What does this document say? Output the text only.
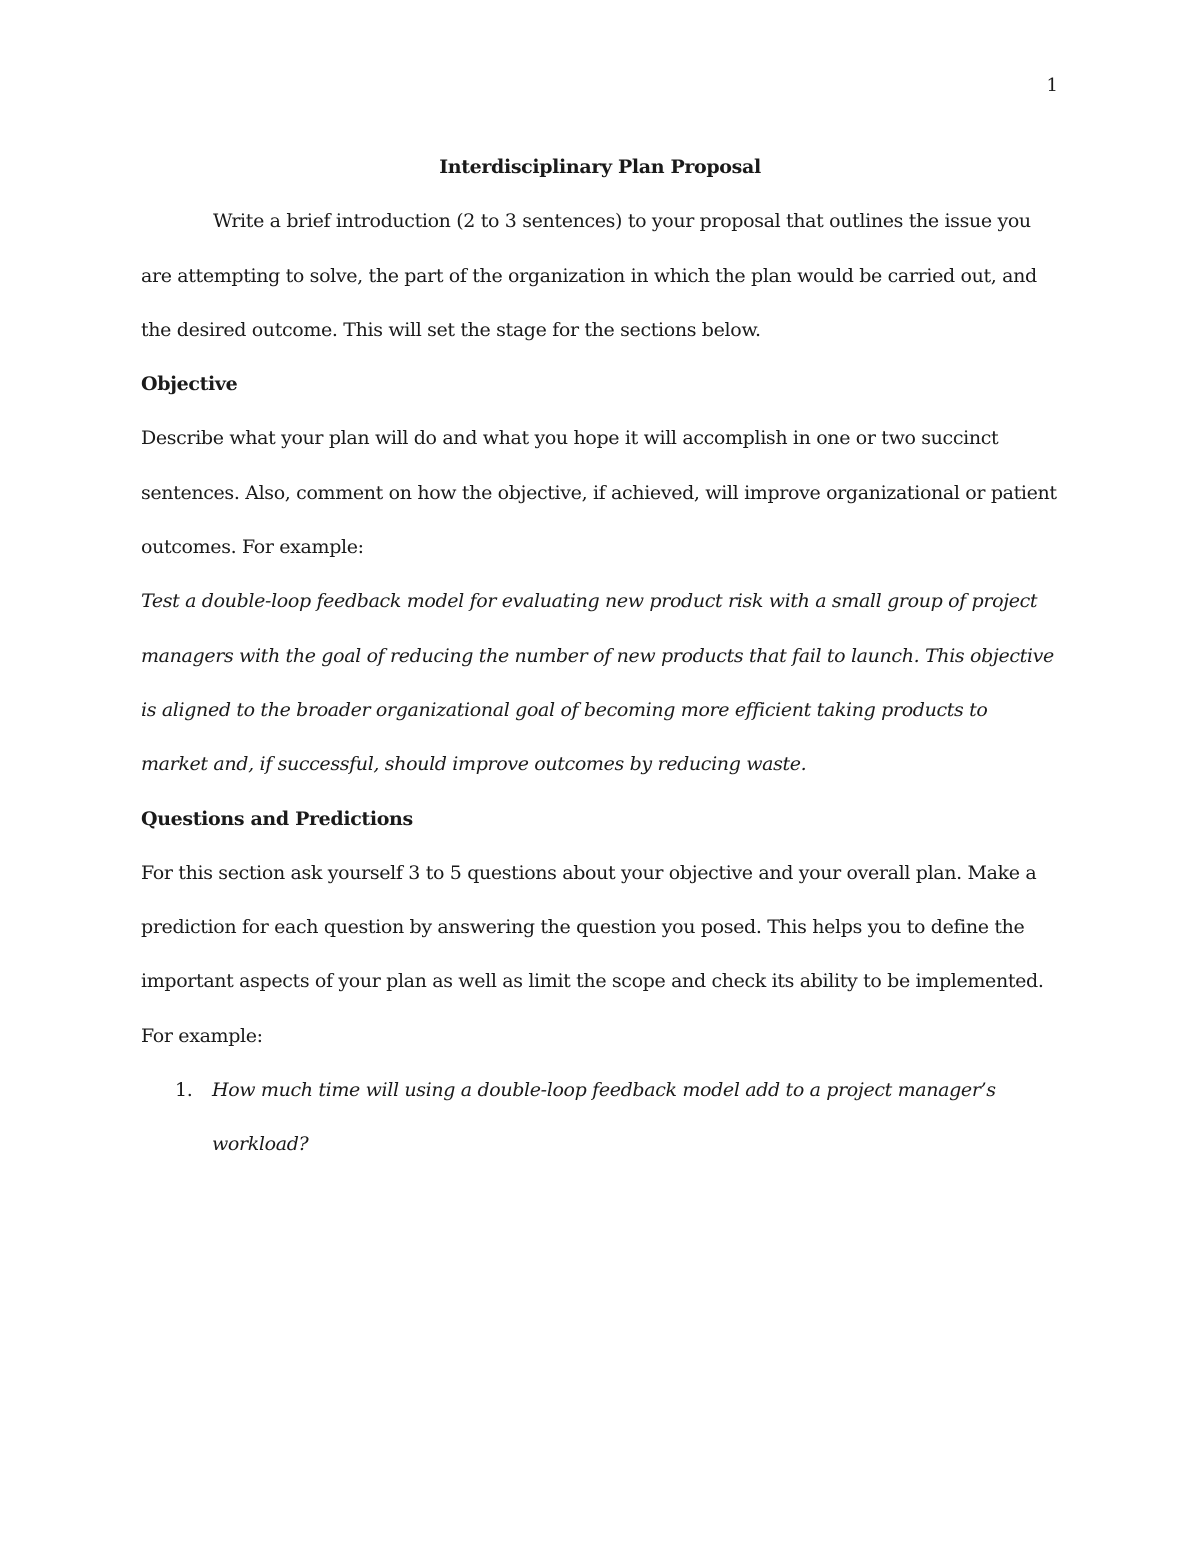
1

Interdisciplinary Plan Proposal

Write a brief introduction (2 to 3 sentences) to your proposal that outlines the issue you are attempting to solve, the part of the organization in which the plan would be carried out, and the desired outcome. This will set the stage for the sections below.

Objective

Describe what your plan will do and what you hope it will accomplish in one or two succinct sentences. Also, comment on how the objective, if achieved, will improve organizational or patient outcomes. For example:

Test a double-loop feedback model for evaluating new product risk with a small group of project managers with the goal of reducing the number of new products that fail to launch. This objective is aligned to the broader organizational goal of becoming more efficient taking products to market and, if successful, should improve outcomes by reducing waste.

Questions and Predictions

For this section ask yourself 3 to 5 questions about your objective and your overall plan. Make a prediction for each question by answering the question you posed. This helps you to define the important aspects of your plan as well as limit the scope and check its ability to be implemented.

For example:

1. How much time will using a double-loop feedback model add to a project manager’s workload?
